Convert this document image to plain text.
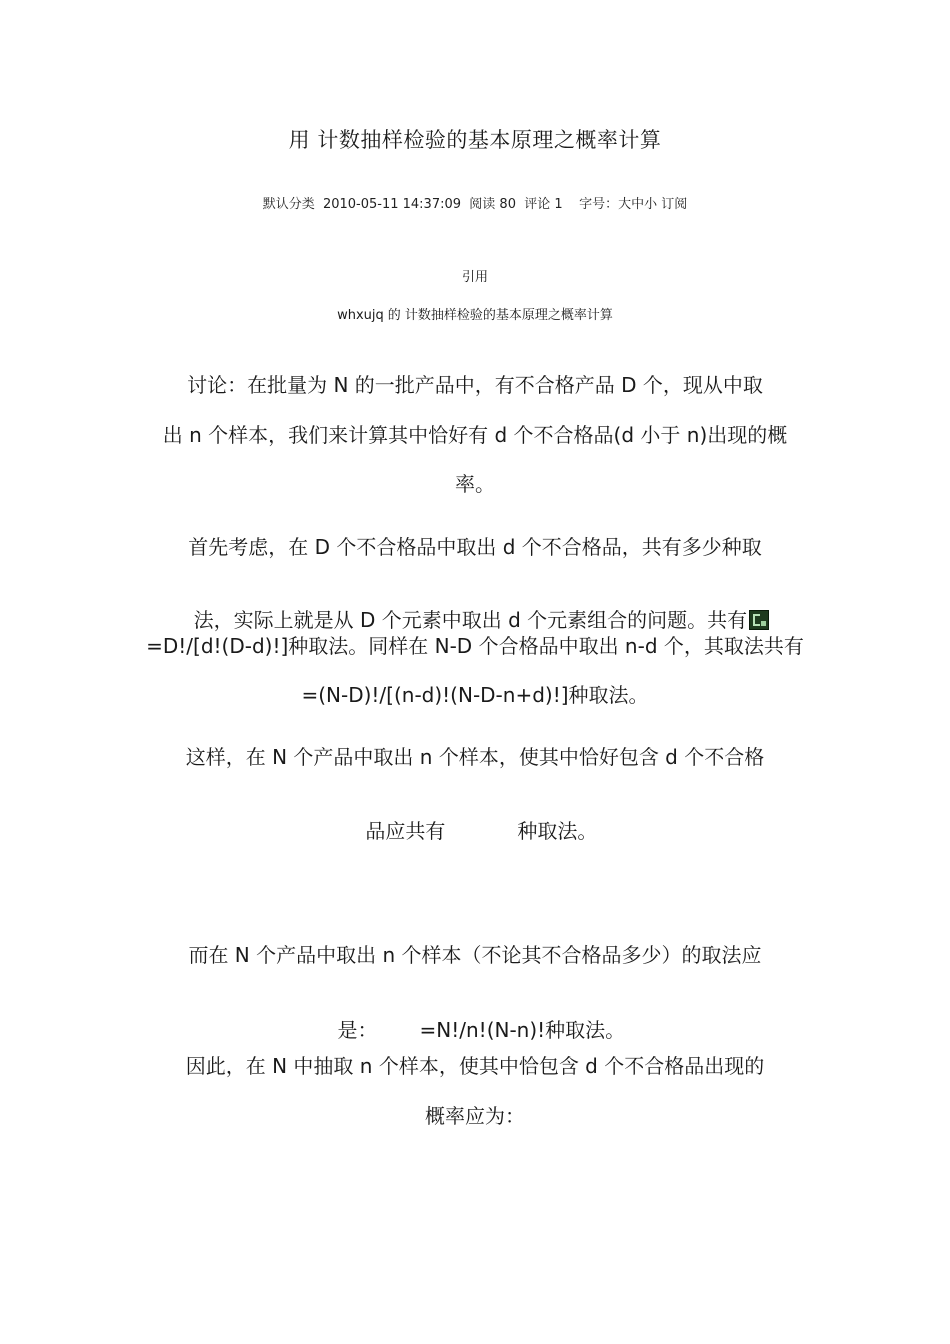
用 计数抽样检验的基本原理之概率计算
默认分类  2010-05-11 14:37:09  阅读 80  评论 1    字号：大中小 订阅
引用
whxujq 的 计数抽样检验的基本原理之概率计算
讨论：在批量为 N 的一批产品中，有不合格产品 D 个，现从中取
出 n 个样本，我们来计算其中恰好有 d 个不合格品(d 小于 n)出现的概
率。
首先考虑，在 D 个不合格品中取出 d 个不合格品，共有多少种取

法，实际上就是从 D 个元素中取出 d 个元素组合的问题。共有

=D!/[d!(D-d)!]种取法。同样在 N-D 个合格品中取出 n-d 个，其取法共有
=(N-D)!/[(n-d)!(N-D-n+d)!]种取法。
这样，在 N 个产品中取出 n 个样本，使其中恰好包含 d 个不合格

品应共有	种取法。

而在 N 个产品中取出 n 个样本（不论其不合格品多少）的取法应

是： =N!/n!(N-n)!种取法。

因此，在 N 中抽取 n 个样本，使其中恰包含 d 个不合格品出现的
概率应为：
